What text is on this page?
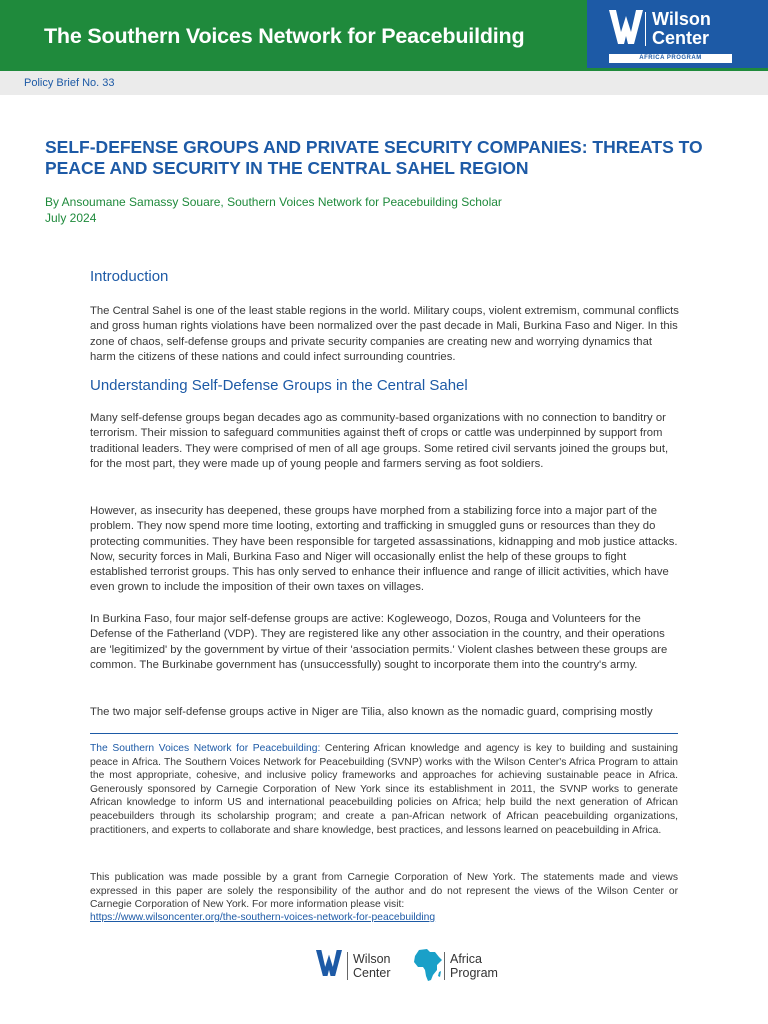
The Southern Voices Network for Peacebuilding
Wilson
Center
AFRICA PROGRAM
Policy Brief No. 33
SELF-DEFENSE GROUPS AND PRIVATE SECURITY COMPANIES: THREATS TO PEACE AND SECURITY IN THE CENTRAL SAHEL REGION
By Ansoumane Samassy Souare, Southern Voices Network for Peacebuilding Scholar
July 2024
Introduction

The Central Sahel is one of the least stable regions in the world. Military coups, violent extremism, communal conflicts and gross human rights violations have been normalized over the past decade in Mali, Burkina Faso and Niger. In this zone of chaos, self-defense groups and private security companies are creating new and worrying dynamics that harm the citizens of these nations and could infect surrounding countries.

Understanding Self-Defense Groups in the Central Sahel

Many self-defense groups began decades ago as community-based organizations with no connection to banditry or terrorism. Their mission to safeguard communities against theft of crops or cattle was underpinned by support from traditional leaders. They were comprised of men of all age groups. Some retired civil servants joined the groups but, for the most part, they were made up of young people and farmers serving as foot soldiers.

However, as insecurity has deepened, these groups have morphed from a stabilizing force into a major part of the problem. They now spend more time looting, extorting and trafficking in smuggled guns or resources than they do protecting communities. They have been responsible for targeted assassinations, kidnapping and mob justice attacks. Now, security forces in Mali, Burkina Faso and Niger will occasionally enlist the help of these groups to fight established terrorist groups. This has only served to enhance their influence and range of illicit activities, which have even grown to include the imposition of their own taxes on villages.

In Burkina Faso, four major self-defense groups are active: Kogleweogo, Dozos, Rouga and Volunteers for the Defense of the Fatherland (VDP). They are registered like any other association in the country, and their operations are 'legitimized' by the government by virtue of their 'association permits.' Violent clashes between these groups are common. The Burkinabe government has (unsuccessfully) sought to incorporate them into the country's army.

The two major self-defense groups active in Niger are Tilia, also known as the nomadic guard, comprising mostly

The Southern Voices Network for Peacebuilding: Centering African knowledge and agency is key to building and sustaining peace in Africa. The Southern Voices Network for Peacebuilding (SVNP) works with the Wilson Center's Africa Program to attain the most appropriate, cohesive, and inclusive policy frameworks and approaches for achieving sustainable peace in Africa. Generously sponsored by Carnegie Corporation of New York since its establishment in 2011, the SVNP works to generate African knowledge to inform US and international peacebuilding policies on Africa; help build the next generation of African peacebuilders through its scholarship program; and create a pan-African network of African peacebuilding organizations, practitioners, and experts to collaborate and share knowledge, best practices, and lessons learned on peacebuilding in Africa.

This publication was made possible by a grant from Carnegie Corporation of New York. The statements made and views expressed in this paper are solely the responsibility of the author and do not represent the views of the Wilson Center or Carnegie Corporation of New York. For more information please visit:

https://www.wilsoncenter.org/the-southern-voices-network-for-peacebuilding
Wilson
Center
Africa
Program
